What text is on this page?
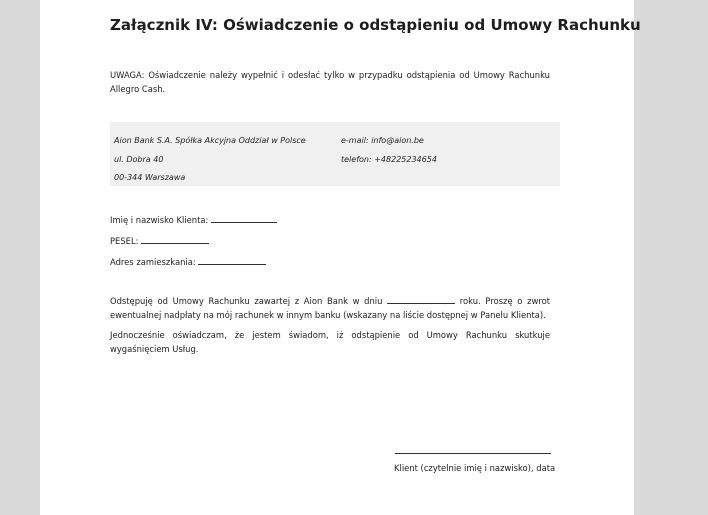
Załącznik IV: Oświadczenie o odstąpieniu od Umowy Rachunku
UWAGA: Oświadczenie należy wypełnić i odesłać tylko w przypadku odstąpienia od Umowy Rachunku Allegro Cash.
Aion Bank S.A. Spółka Akcyjna Oddział w Polsce
ul. Dobra 40
00-344 Warszawa
e-mail: info@aion.be
telefon: +48225234654
Imię i nazwisko Klienta:
PESEL:
Adres zamieszkania:
Odstępuję od Umowy Rachunku zawartej z Aion Bank w dniu	roku. Proszę o zwrot ewentualnej nadpłaty na mój rachunek w innym banku (wskazany na liście dostępnej w Panelu Klienta).
Jednocześnie oświadczam, że jestem świadom, iż odstąpienie od Umowy Rachunku skutkuje wygaśnięciem Usług.
Klient (czytelnie imię i nazwisko), data
